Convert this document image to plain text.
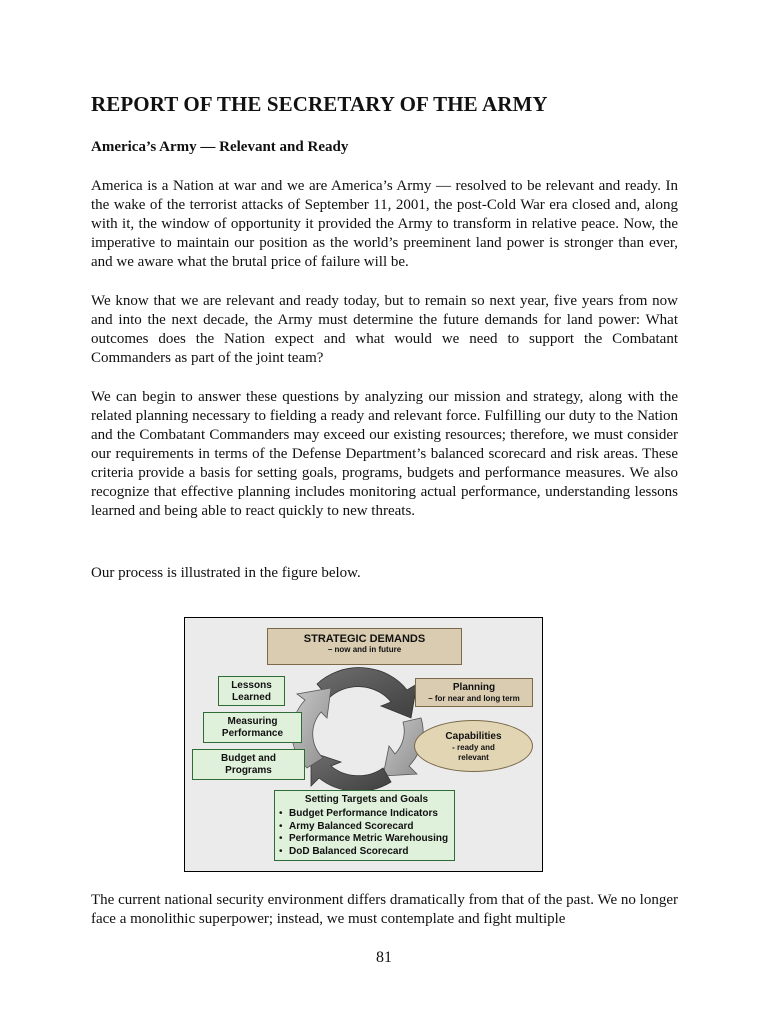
REPORT OF THE SECRETARY OF THE ARMY
America’s Army — Relevant and Ready

America is a Nation at war and we are America’s Army — resolved to be relevant and ready. In the wake of the terrorist attacks of September 11, 2001, the post-Cold War era closed and, along with it, the window of opportunity it provided the Army to transform in relative peace. Now, the imperative to maintain our position as the world’s preeminent land power is stronger than ever, and we aware what the brutal price of failure will be.

We know that we are relevant and ready today, but to remain so next year, five years from now and into the next decade, the Army must determine the future demands for land power: What outcomes does the Nation expect and what would we need to support the Combatant Commanders as part of the joint team?

We can begin to answer these questions by analyzing our mission and strategy, along with the related planning necessary to fielding a ready and relevant force. Fulfilling our duty to the Nation and the Combatant Commanders may exceed our existing resources; therefore, we must consider our requirements in terms of the Defense Department’s balanced scorecard and risk areas. These criteria provide a basis for setting goals, programs, budgets and performance measures. We also recognize that effective planning includes monitoring actual performance, understanding lessons learned and being able to react quickly to new threats.

Our process is illustrated in the figure below.

STRATEGIC DEMANDS
– now and in future
Planning
– for near and long term
Capabilities
- ready and
relevant
Lessons
Learned
Measuring
Performance
Budget and
Programs
Setting Targets and Goals
• Budget Performance Indicators
• Army Balanced Scorecard
• Performance Metric Warehousing
• DoD Balanced Scorecard

The current national security environment differs dramatically from that of the past. We no longer face a monolithic superpower; instead, we must contemplate and fight multiple

81
